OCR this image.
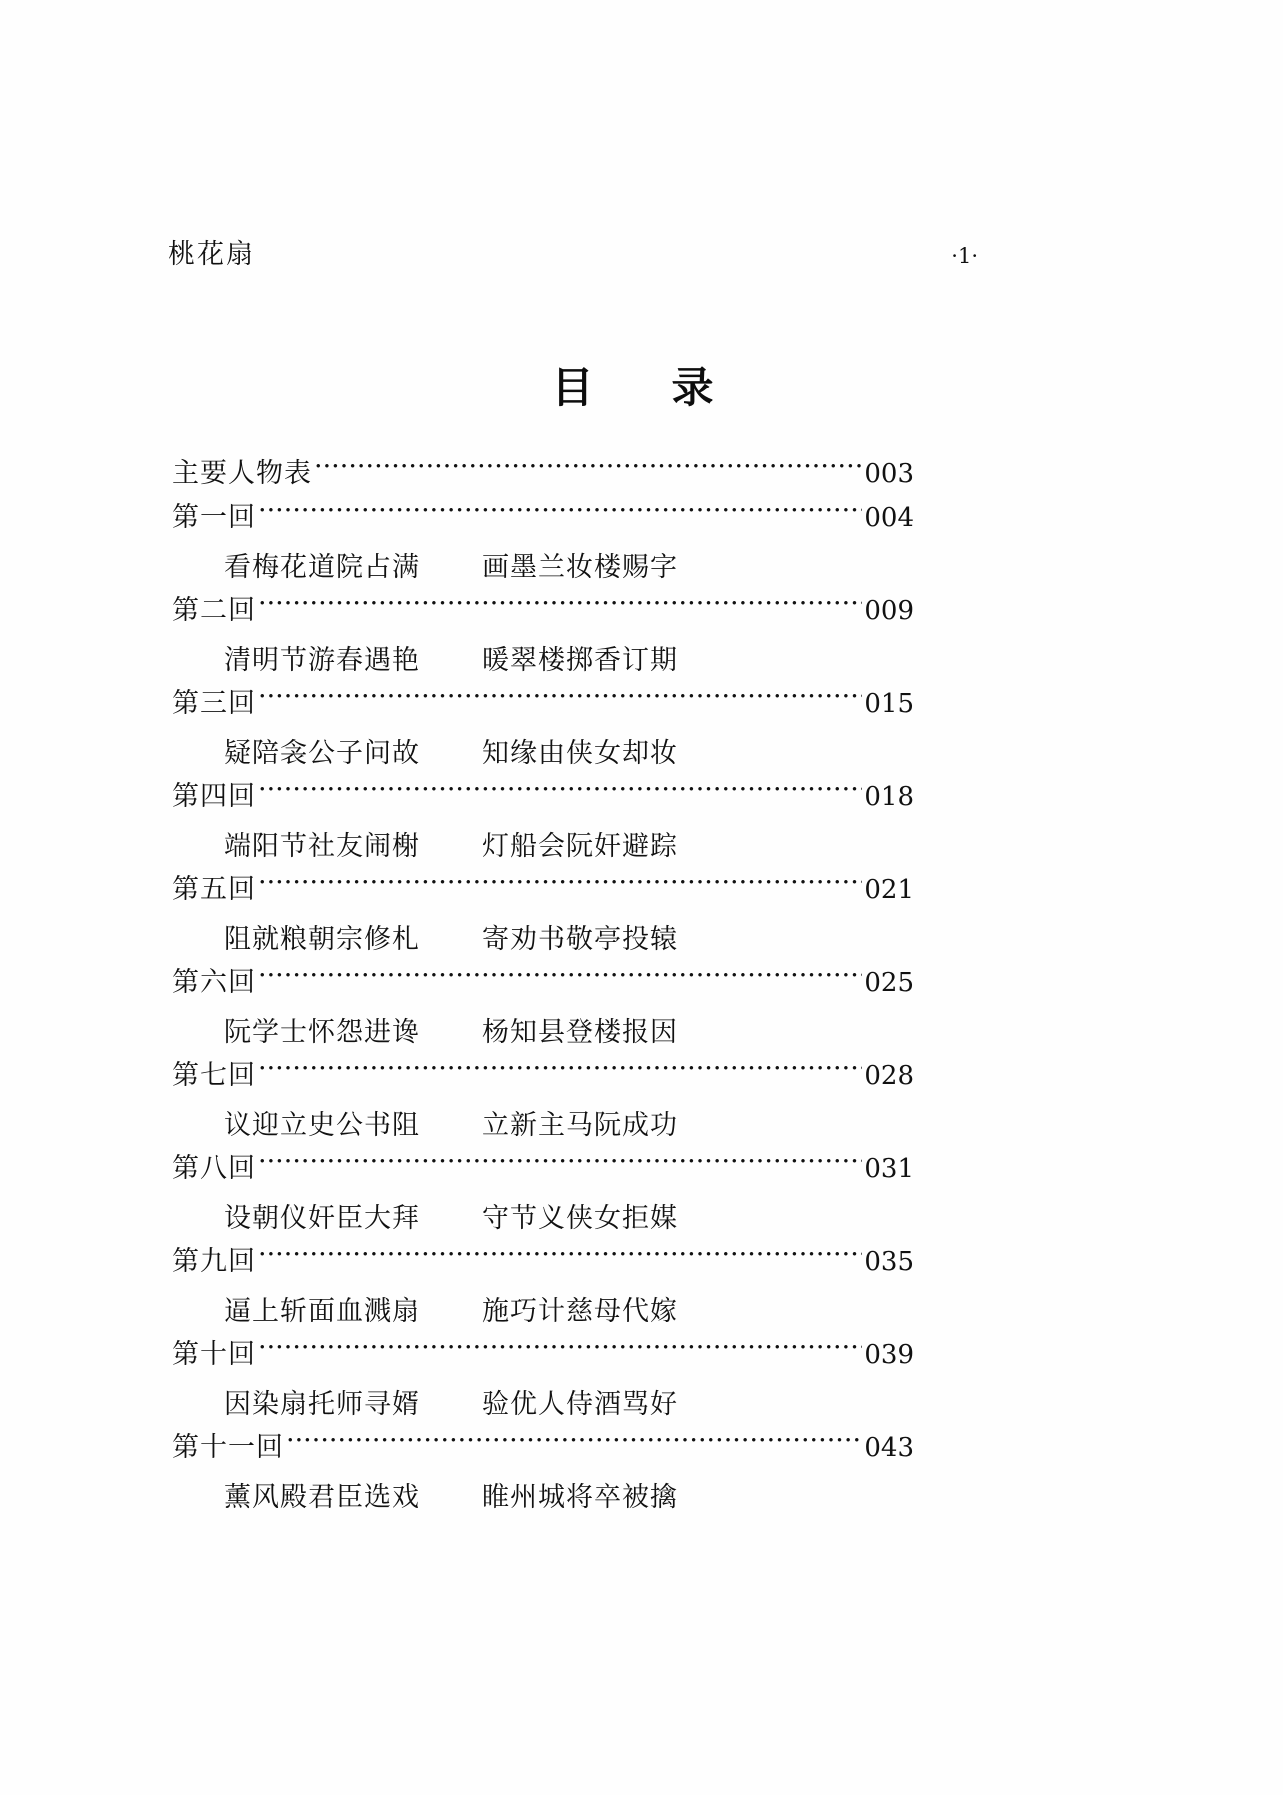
桃花扇	·1·
目　录
主要人物表 ·····	003
第一回 ·····	004
看梅花道院占满	画墨兰妆楼赐字
第二回 ·····	009
清明节游春遇艳	暖翠楼掷香订期
第三回 ·····	015
疑陪衾公子问故	知缘由侠女却妆
第四回 ·····	018
端阳节社友闹榭	灯船会阮奸避踪
第五回 ·····	021
阻就粮朝宗修札	寄劝书敬亭投辕
第六回 ·····	025
阮学士怀怨进谗	杨知县登楼报因
第七回 ·····	028
议迎立史公书阻	立新主马阮成功
第八回 ·····	031
设朝仪奸臣大拜	守节义侠女拒媒
第九回 ·····	035
逼上斩面血溅扇	施巧计慈母代嫁
第十回 ·····	039
因染扇托师寻婿	验优人侍酒骂好
第十一回 ·····	043
薰风殿君臣选戏	睢州城将卒被擒
